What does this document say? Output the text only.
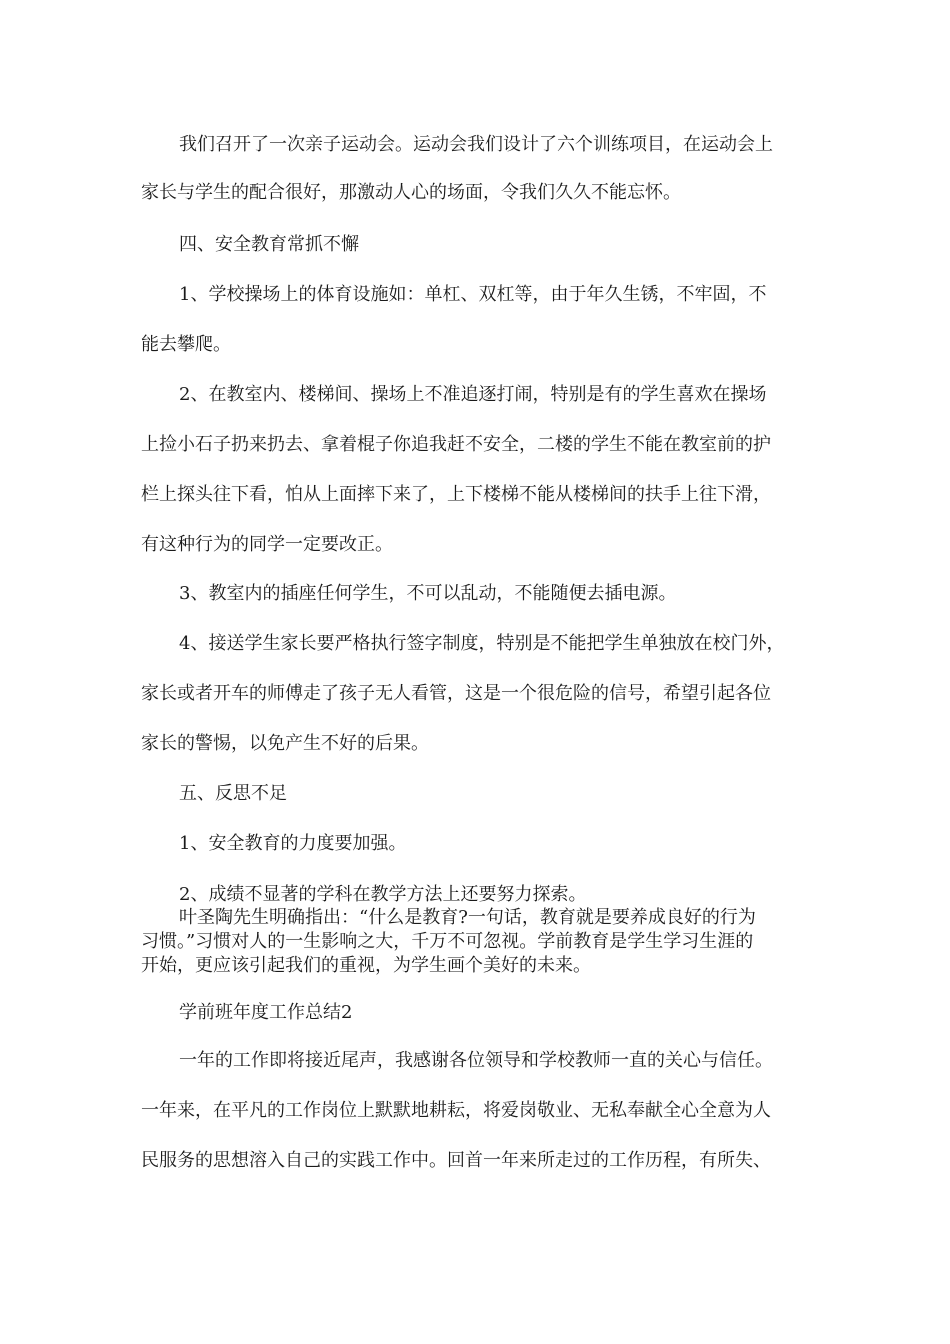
我们召开了一次亲子运动会。运动会我们设计了六个训练项目，在运动会上

家长与学生的配合很好，那激动人心的场面，令我们久久不能忘怀。

四、安全教育常抓不懈

1、学校操场上的体育设施如：单杠、双杠等，由于年久生锈，不牢固，不

能去攀爬。

2、在教室内、楼梯间、操场上不准追逐打闹，特别是有的学生喜欢在操场

上捡小石子扔来扔去、拿着棍子你追我赶不安全，二楼的学生不能在教室前的护

栏上探头往下看，怕从上面摔下来了，上下楼梯不能从楼梯间的扶手上往下滑，

有这种行为的同学一定要改正。

3、教室内的插座任何学生，不可以乱动，不能随便去插电源。

4、接送学生家长要严格执行签字制度，特别是不能把学生单独放在校门外，

家长或者开车的师傅走了孩子无人看管，这是一个很危险的信号，希望引起各位

家长的警惕，以免产生不好的后果。

五、反思不足

1、安全教育的力度要加强。

2、成绩不显著的学科在教学方法上还要努力探索。

叶圣陶先生明确指出：“什么是教育?一句话，教育就是要养成良好的行为

习惯。”习惯对人的一生影响之大，千万不可忽视。学前教育是学生学习生涯的

开始，更应该引起我们的重视，为学生画个美好的未来。

学前班年度工作总结2

一年的工作即将接近尾声，我感谢各位领导和学校教师一直的关心与信任。

一年来，在平凡的工作岗位上默默地耕耘，将爱岗敬业、无私奉献全心全意为人

民服务的思想溶入自己的实践工作中。回首一年来所走过的工作历程，有所失、
